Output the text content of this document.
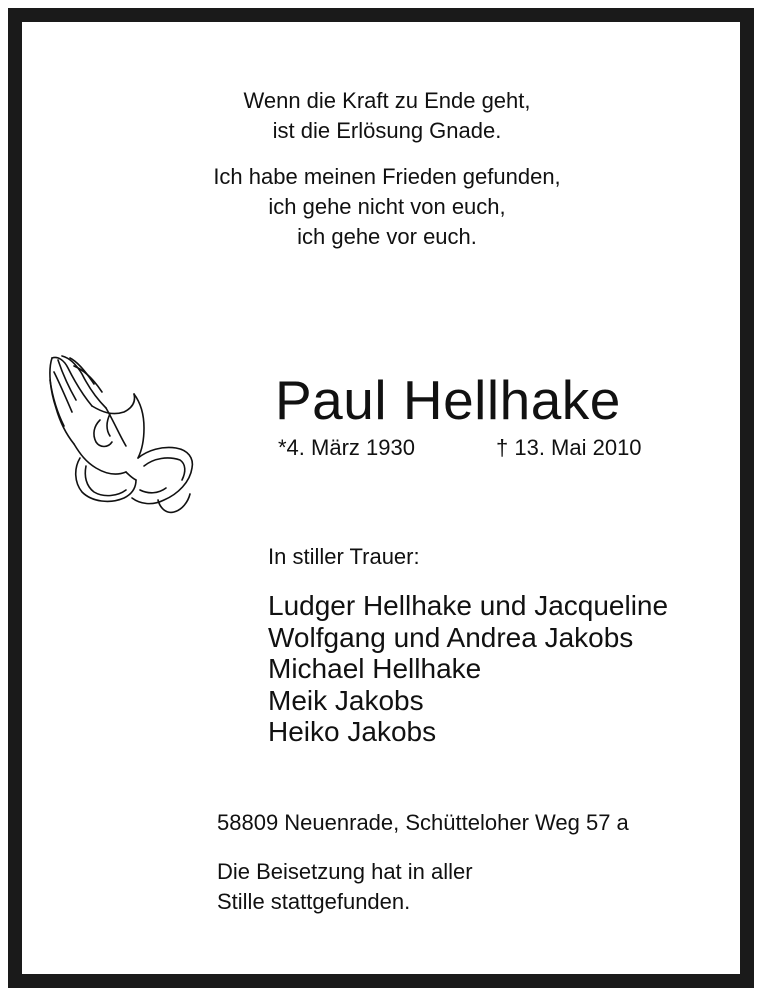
Wenn die Kraft zu Ende geht,
ist die Erlösung Gnade.
Ich habe meinen Frieden gefunden,
ich gehe nicht von euch,
ich gehe vor euch.
Paul Hellhake
*4. März 1930	† 13. Mai 2010
In stiller Trauer:
Ludger Hellhake und Jacqueline
Wolfgang und Andrea Jakobs
Michael Hellhake
Meik Jakobs
Heiko Jakobs
58809 Neuenrade, Schütteloher Weg 57 a
Die Beisetzung hat in aller
Stille stattgefunden.
